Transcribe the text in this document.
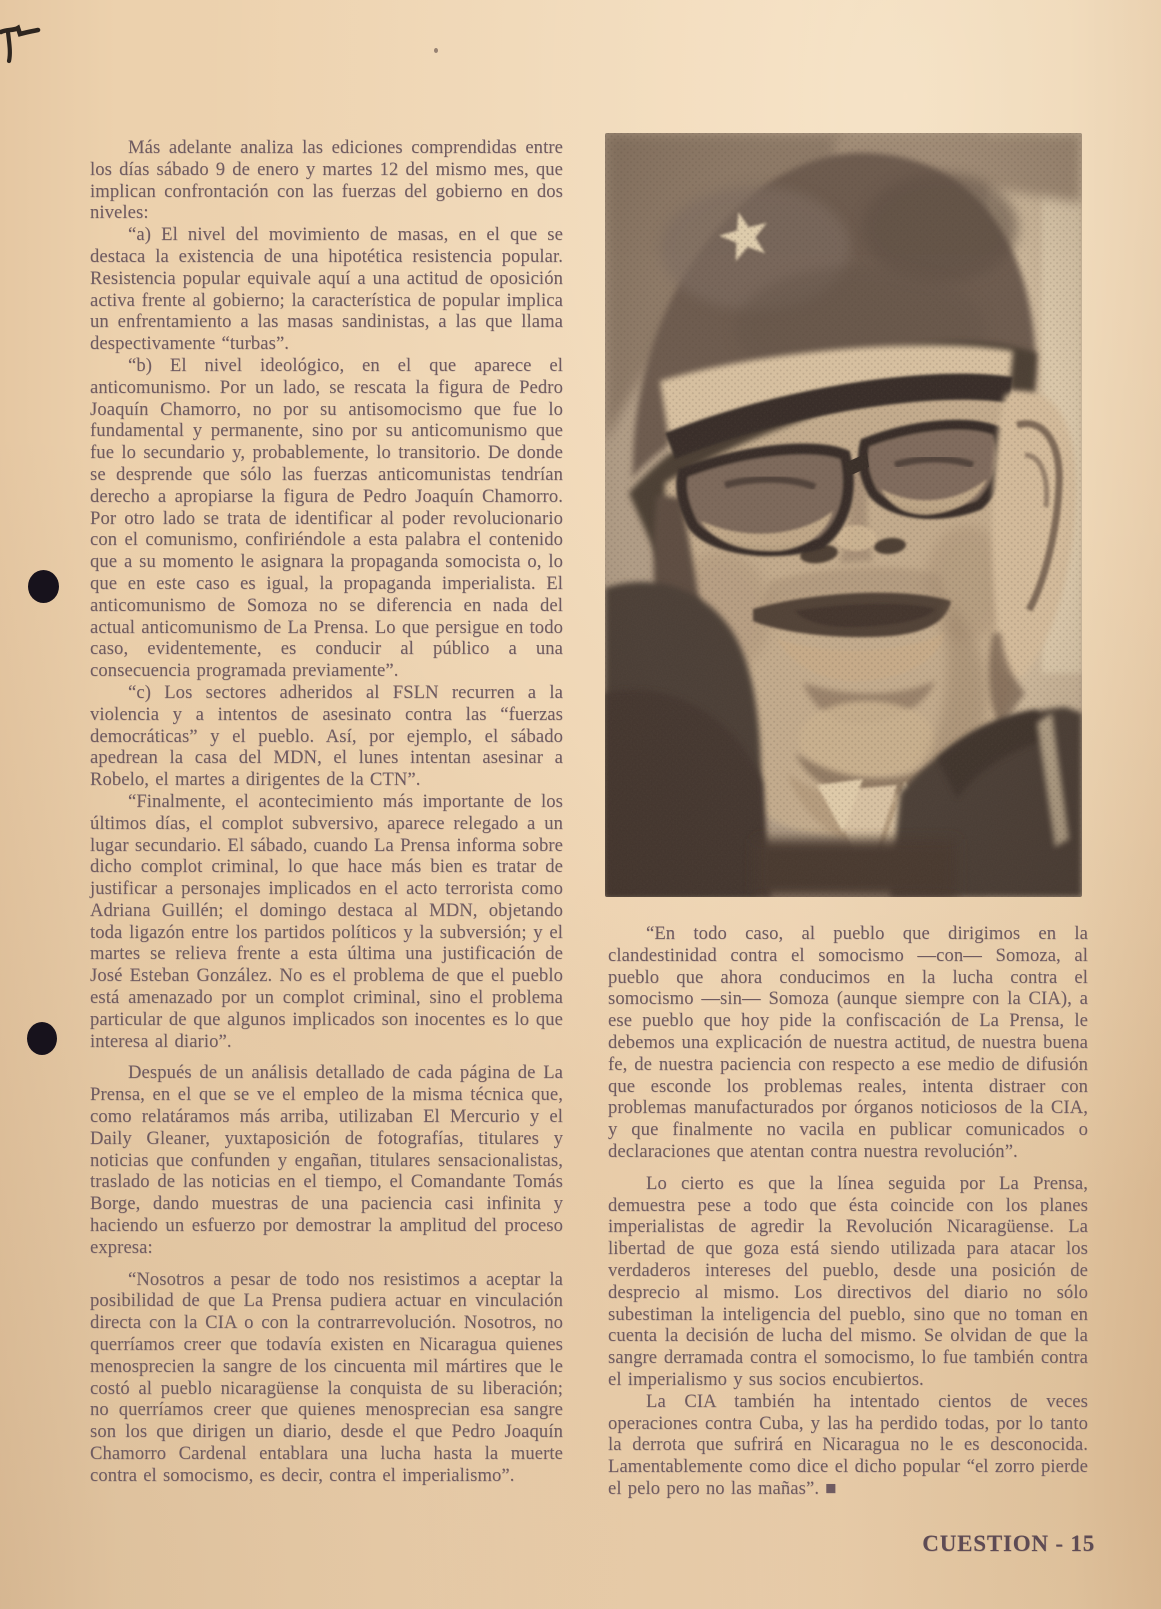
Más adelante analiza las ediciones comprendidas entre los días sábado 9 de enero y martes 12 del mismo mes, que implican confrontación con las fuerzas del gobierno en dos niveles:

“a) El nivel del movimiento de masas, en el que se destaca la existencia de una hipotética resistencia popular. Resistencia popular equivale aquí a una actitud de oposición activa frente al gobierno; la característica de popular implica un enfrentamiento a las masas sandinistas, a las que llama despectivamente “turbas”.

“b) El nivel ideológico, en el que aparece el anticomunismo. Por un lado, se rescata la figura de Pedro Joaquín Chamorro, no por su antisomocismo que fue lo fundamental y permanente, sino por su anticomunismo que fue lo secundario y, probablemente, lo transitorio. De donde se desprende que sólo las fuerzas anticomunistas tendrían derecho a apropiarse la figura de Pedro Joaquín Chamorro. Por otro lado se trata de identificar al poder revolucionario con el comunismo, confiriéndole a esta palabra el contenido que a su momento le asignara la propaganda somocista o, lo que en este caso es igual, la propaganda imperialista. El anticomunismo de Somoza no se diferencia en nada del actual anticomunismo de La Prensa. Lo que persigue en todo caso, evidentemente, es conducir al público a una consecuencia programada previamente”.

“c) Los sectores adheridos al FSLN recurren a la violencia y a intentos de asesinato contra las “fuerzas democráticas” y el pueblo. Así, por ejemplo, el sábado apedrean la casa del MDN, el lunes intentan asesinar a Robelo, el martes a dirigentes de la CTN”.

“Finalmente, el acontecimiento más importante de los últimos días, el complot subversivo, aparece relegado a un lugar secundario. El sábado, cuando La Prensa informa sobre dicho complot criminal, lo que hace más bien es tratar de justificar a personajes implicados en el acto terrorista como Adriana Guillén; el domingo destaca al MDN, objetando toda ligazón entre los partidos políticos y la subversión; y el martes se relieva frente a esta última una justificación de José Esteban González. No es el problema de que el pueblo está amenazado por un complot criminal, sino el problema particular de que algunos implicados son inocentes es lo que interesa al diario”.

Después de un análisis detallado de cada página de La Prensa, en el que se ve el empleo de la misma técnica que, como relatáramos más arriba, utilizaban El Mercurio y el Daily Gleaner, yuxtaposición de fotografías, titulares y noticias que confunden y engañan, titulares sensacionalistas, traslado de las noticias en el tiempo, el Comandante Tomás Borge, dando muestras de una paciencia casi infinita y haciendo un esfuerzo por demostrar la amplitud del proceso expresa:

“Nosotros a pesar de todo nos resistimos a aceptar la posibilidad de que La Prensa pudiera actuar en vinculación directa con la CIA o con la contrarrevolución. Nosotros, no querríamos creer que todavía existen en Nicaragua quienes menosprecien la sangre de los cincuenta mil mártires que le costó al pueblo nicaragüense la conquista de su liberación; no querríamos creer que quienes menosprecian esa sangre son los que dirigen un diario, desde el que Pedro Joaquín Chamorro Cardenal entablara una lucha hasta la muerte contra el somocismo, es decir, contra el imperialismo”.

“En todo caso, al pueblo que dirigimos en la clandestinidad contra el somocismo —con— Somoza, al pueblo que ahora conducimos en la lucha contra el somocismo —sin— Somoza (aunque siempre con la CIA), a ese pueblo que hoy pide la confiscación de La Prensa, le debemos una explicación de nuestra actitud, de nuestra buena fe, de nuestra paciencia con respecto a ese medio de difusión que esconde los problemas reales, intenta distraer con problemas manufacturados por órganos noticiosos de la CIA, y que finalmente no vacila en publicar comunicados o declaraciones que atentan contra nuestra revolución”.

Lo cierto es que la línea seguida por La Prensa, demuestra pese a todo que ésta coincide con los planes imperialistas de agredir la Revolución Nicaragüense. La libertad de que goza está siendo utilizada para atacar los verdaderos intereses del pueblo, desde una posición de desprecio al mismo. Los directivos del diario no sólo subestiman la inteligencia del pueblo, sino que no toman en cuenta la decisión de lucha del mismo. Se olvidan de que la sangre derramada contra el somocismo, lo fue también contra el imperialismo y sus socios encubiertos.

La CIA también ha intentado cientos de veces operaciones contra Cuba, y las ha perdido todas, por lo tanto la derrota que sufrirá en Nicaragua no le es desconocida. Lamentablemente como dice el dicho popular “el zorro pierde el pelo pero no las mañas”. ■

CUESTION - 15
